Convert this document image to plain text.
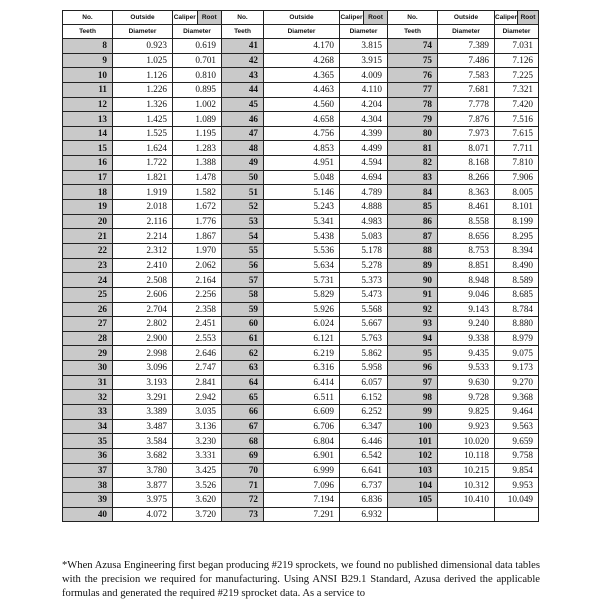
No.	Outside	Caliper Root	No.	Outside	Caliper Root	No.	Outside	Caliper Root

Teeth	Diameter	Diameter	Teeth	Diameter	Diameter	Teeth	Diameter	Diameter
8	0.923	0.619	41	4.170	3.815	74	7.389	7.031
9	1.025	0.701	42	4.268	3.915	75	7.486	7.126
10	1.126	0.810	43	4.365	4.009	76	7.583	7.225
11	1.226	0.895	44	4.463	4.110	77	7.681	7.321
12	1.326	1.002	45	4.560	4.204	78	7.778	7.420
13	1.425	1.089	46	4.658	4.304	79	7.876	7.516
14	1.525	1.195	47	4.756	4.399	80	7.973	7.615
15	1.624	1.283	48	4.853	4.499	81	8.071	7.711
16	1.722	1.388	49	4.951	4.594	82	8.168	7.810
17	1.821	1.478	50	5.048	4.694	83	8.266	7.906
18	1.919	1.582	51	5.146	4.789	84	8.363	8.005
19	2.018	1.672	52	5.243	4.888	85	8.461	8.101
20	2.116	1.776	53	5.341	4.983	86	8.558	8.199
21	2.214	1.867	54	5.438	5.083	87	8.656	8.295
22	2.312	1.970	55	5.536	5.178	88	8.753	8.394
23	2.410	2.062	56	5.634	5.278	89	8.851	8.490
24	2.508	2.164	57	5.731	5.373	90	8.948	8.589
25	2.606	2.256	58	5.829	5.473	91	9.046	8.685
26	2.704	2.358	59	5.926	5.568	92	9.143	8.784
27	2.802	2.451	60	6.024	5.667	93	9.240	8.880
28	2.900	2.553	61	6.121	5.763	94	9.338	8.979
29	2.998	2.646	62	6.219	5.862	95	9.435	9.075
30	3.096	2.747	63	6.316	5.958	96	9.533	9.173
31	3.193	2.841	64	6.414	6.057	97	9.630	9.270
32	3.291	2.942	65	6.511	6.152	98	9.728	9.368
33	3.389	3.035	66	6.609	6.252	99	9.825	9.464
34	3.487	3.136	67	6.706	6.347	100	9.923	9.563
35	3.584	3.230	68	6.804	6.446	101	10.020	9.659
36	3.682	3.331	69	6.901	6.542	102	10.118	9.758
37	3.780	3.425	70	6.999	6.641	103	10.215	9.854
38	3.877	3.526	71	7.096	6.737	104	10.312	9.953
39	3.975	3.620	72	7.194	6.836	105	10.410	10.049
40	4.072	3.720	73	7.291	6.932			
*When Azusa Engineering first began producing #219 sprockets, we found no published dimensional data tables with the precision we required for manufacturing. Using ANSI B29.1 Standard, Azusa derived the applicable formulas and generated the required #219 sprocket data. As a service to
